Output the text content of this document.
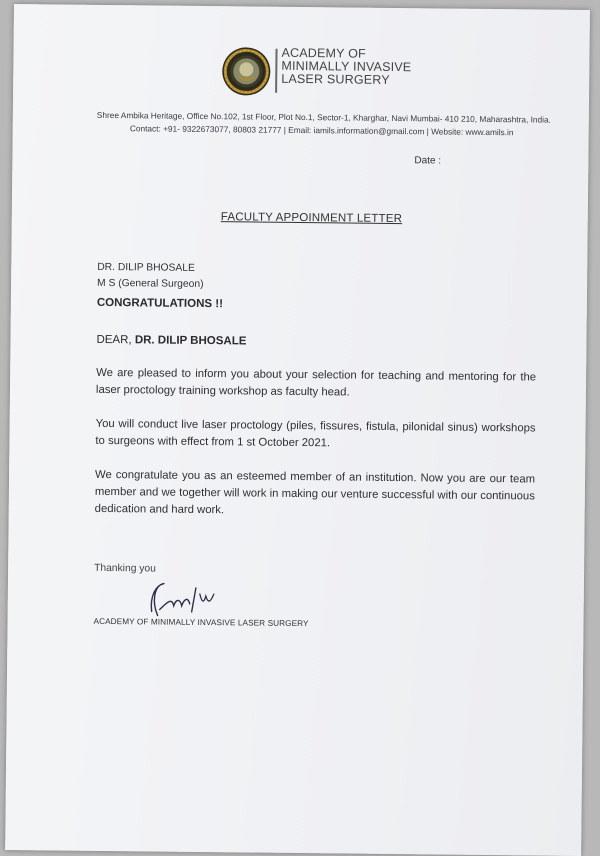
ACADEMY OF
MINIMALLY INVASIVE
LASER SURGERY
Shree Ambika Heritage, Office No.102, 1st Floor, Plot No.1, Sector-1, Kharghar, Navi Mumbai- 410 210, Maharashtra, India.
Contact: +91- 9322673077, 80803 21777 | Email: iamils.information@gmail.com | Website: www.amils.in
Date :
FACULTY APPOINMENT LETTER
DR. DILIP BHOSALE
M S (General Surgeon)
CONGRATULATIONS !!
DEAR, DR. DILIP BHOSALE
We are pleased to inform you about your selection for teaching and mentoring for the laser proctology training workshop as faculty head.
You will conduct live laser proctology (piles, fissures, fistula, pilonidal sinus) workshops to surgeons with effect from 1 st October 2021.
We congratulate you as an esteemed member of an institution. Now you are our team member and we together will work in making our venture successful with our continuous dedication and hard work.
Thanking you
ACADEMY OF MINIMALLY INVASIVE LASER SURGERY
